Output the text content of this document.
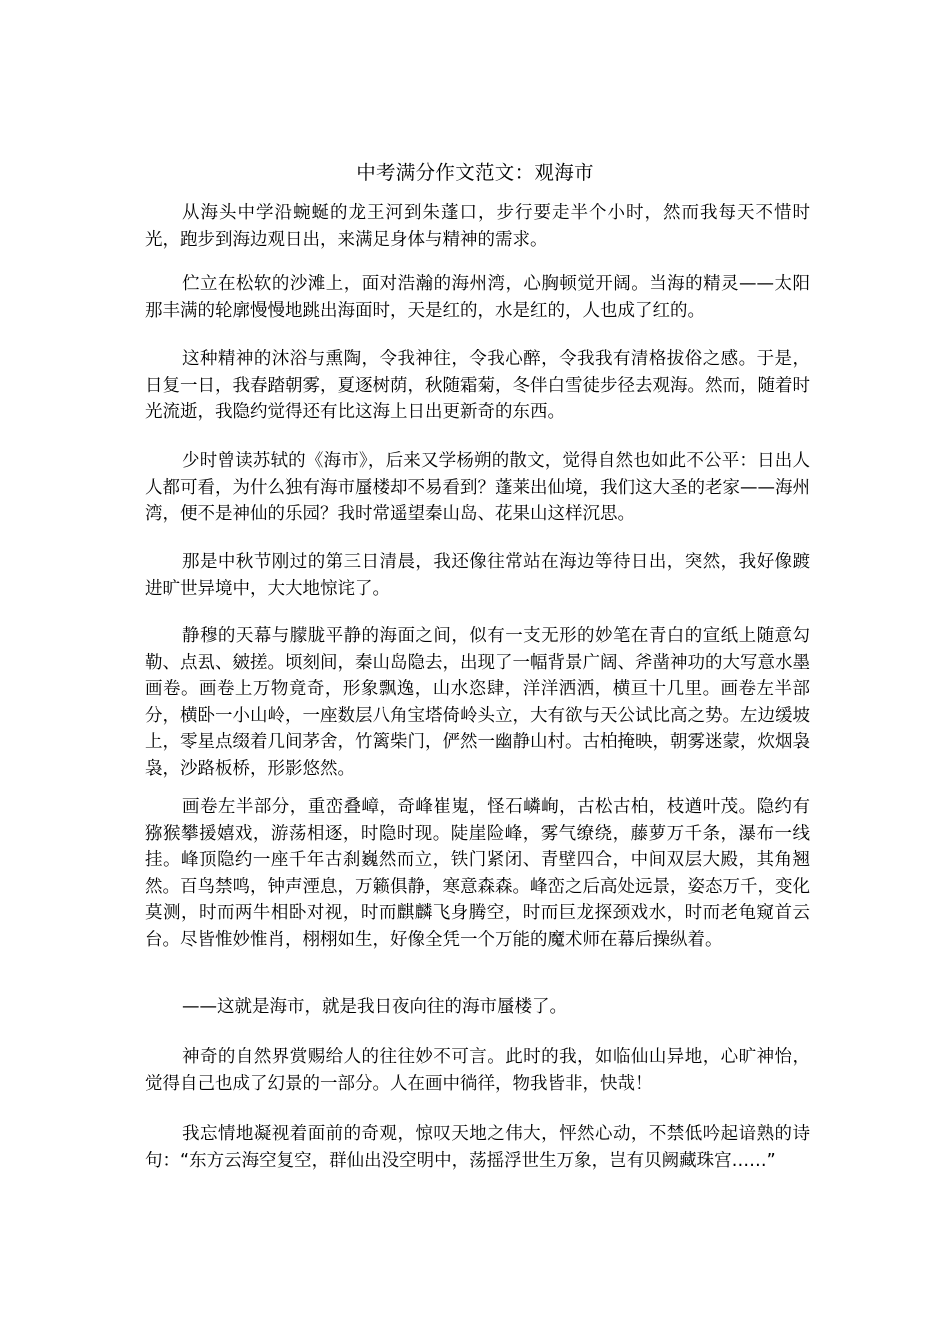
中考满分作文范文：观海市

从海头中学沿蜿蜒的龙王河到朱蓬口，步行要走半个小时，然而我每天不惜时光，跑步到海边观日出，来满足身体与精神的需求。

伫立在松软的沙滩上，面对浩瀚的海州湾，心胸顿觉开阔。当海的精灵——太阳那丰满的轮廓慢慢地跳出海面时，天是红的，水是红的，人也成了红的。

这种精神的沐浴与熏陶，令我神往，令我心醉，令我我有清格拔俗之感。于是，日复一日，我春踏朝雾，夏逐树荫，秋随霜菊，冬伴白雪徒步径去观海。然而，随着时光流逝，我隐约觉得还有比这海上日出更新奇的东西。

少时曾读苏轼的《海市》，后来又学杨朔的散文，觉得自然也如此不公平：日出人人都可看，为什么独有海市蜃楼却不易看到？蓬莱出仙境，我们这大圣的老家——海州湾，便不是神仙的乐园？我时常遥望秦山岛、花果山这样沉思。

那是中秋节刚过的第三日清晨，我还像往常站在海边等待日出，突然，我好像踱进旷世异境中，大大地惊诧了。

静穆的天幕与朦胧平静的海面之间，似有一支无形的妙笔在青白的宣纸上随意勾勒、点厾、皴搓。顷刻间，秦山岛隐去，出现了一幅背景广阔、斧凿神功的大写意水墨画卷。画卷上万物竟奇，形象飘逸，山水恣肆，洋洋洒洒，横亘十几里。画卷左半部分，横卧一小山岭，一座数层八角宝塔倚岭头立，大有欲与天公试比高之势。左边缓坡上，零星点缀着几间茅舍，竹篱柴门，俨然一幽静山村。古柏掩映，朝雾迷蒙，炊烟袅袅，沙路板桥，形影悠然。

画卷左半部分，重峦叠嶂，奇峰崔嵬，怪石嶙峋，古松古柏，枝遒叶茂。隐约有猕猴攀援嬉戏，游荡相逐，时隐时现。陡崖险峰，雾气缭绕，藤萝万千条，瀑布一线挂。峰顶隐约一座千年古刹巍然而立，铁门紧闭、青壁四合，中间双层大殿，其角翘然。百鸟禁鸣，钟声湮息，万籁俱静，寒意森森。峰峦之后高处远景，姿态万千，变化莫测，时而两牛相卧对视，时而麒麟飞身腾空，时而巨龙探颈戏水，时而老龟窥首云台。尽皆惟妙惟肖，栩栩如生，好像全凭一个万能的魔术师在幕后操纵着。

——这就是海市，就是我日夜向往的海市蜃楼了。

神奇的自然界赏赐给人的往往妙不可言。此时的我，如临仙山异地，心旷神怡，觉得自己也成了幻景的一部分。人在画中徜徉，物我皆非，快哉！

我忘情地凝视着面前的奇观，惊叹天地之伟大，怦然心动，不禁低吟起谙熟的诗句：“东方云海空复空，群仙出没空明中，荡摇浮世生万象，岂有贝阙藏珠宫……”
